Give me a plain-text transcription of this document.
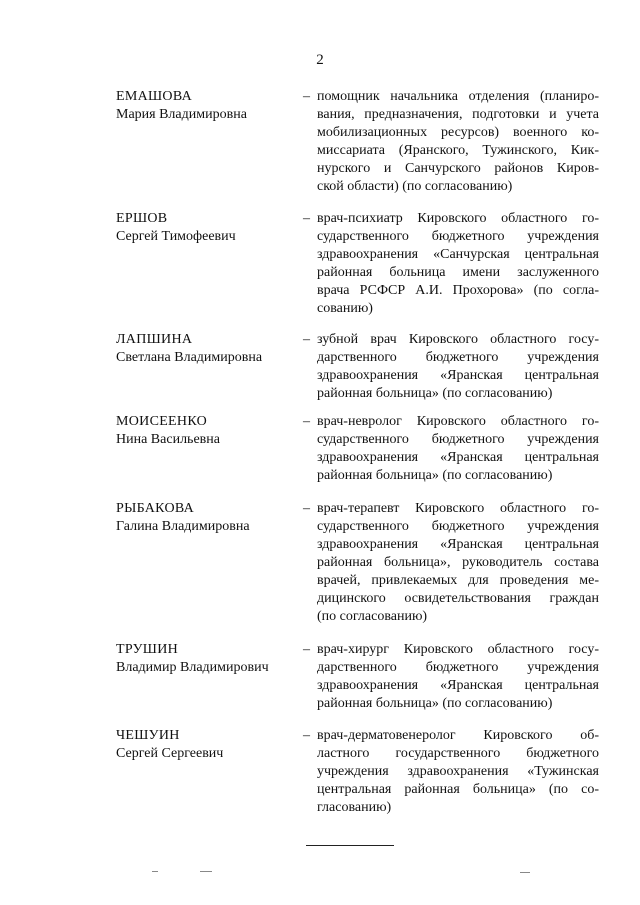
2
ЕМАШОВА
Мария Владимировна
– помощник начальника отделения (планиро-
вания, предназначения, подготовки и учета
мобилизационных ресурсов) военного ко-
миссариата (Яранского, Тужинского, Кик-
нурского и Санчурского районов Киров-
ской области) (по согласованию)
ЕРШОВ
Сергей Тимофеевич
– врач-психиатр Кировского областного го-
сударственного бюджетного учреждения
здравоохранения «Санчурская центральная
районная больница имени заслуженного
врача РСФСР А.И. Прохорова» (по согла-
сованию)
ЛАПШИНА
Светлана Владимировна
– зубной врач Кировского областного госу-
дарственного бюджетного учреждения
здравоохранения «Яранская центральная
районная больница» (по согласованию)
МОИСЕЕНКО
Нина Васильевна
– врач-невролог Кировского областного го-
сударственного бюджетного учреждения
здравоохранения «Яранская центральная
районная больница» (по согласованию)
РЫБАКОВА
Галина Владимировна
– врач-терапевт Кировского областного го-
сударственного бюджетного учреждения
здравоохранения «Яранская центральная
районная больница», руководитель состава
врачей, привлекаемых для проведения ме-
дицинского освидетельствования граждан
(по согласованию)
ТРУШИН
Владимир Владимирович
– врач-хирург Кировского областного госу-
дарственного бюджетного учреждения
здравоохранения «Яранская центральная
районная больница» (по согласованию)
ЧЕШУИН
Сергей Сергеевич
– врач-дерматовенеролог Кировского об-
ластного государственного бюджетного
учреждения здравоохранения «Тужинская
центральная районная больница» (по со-
гласованию)
